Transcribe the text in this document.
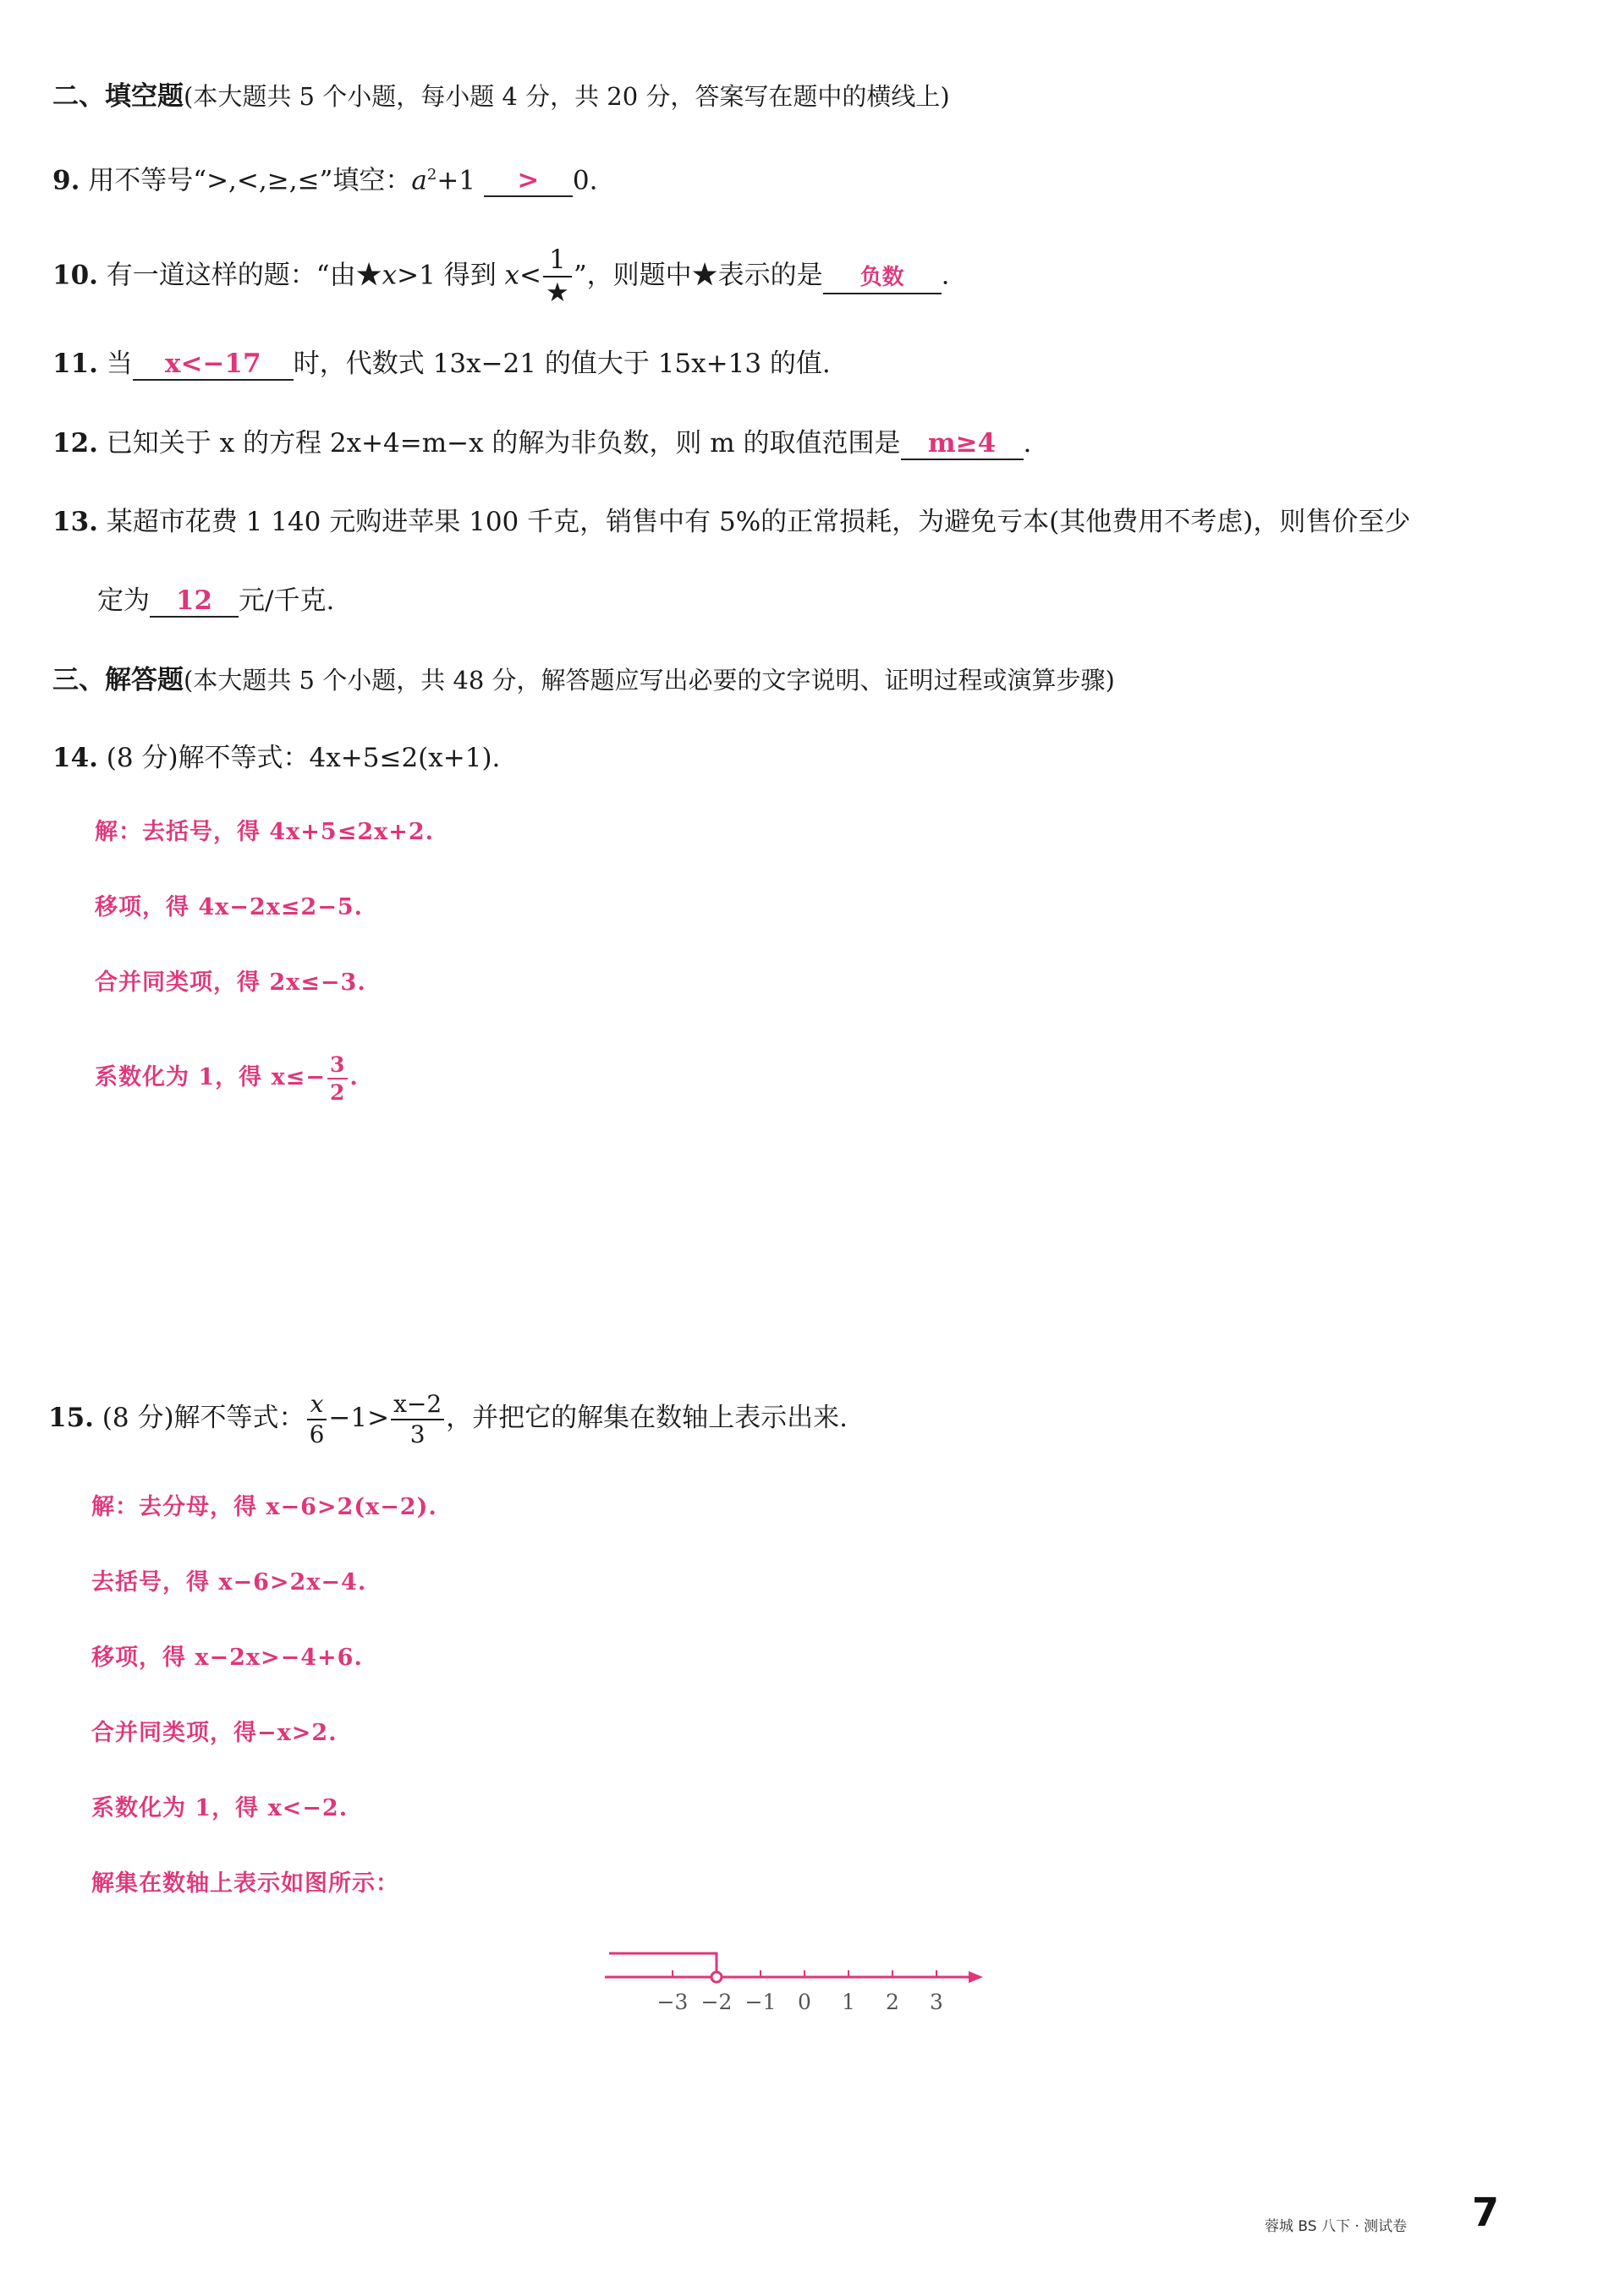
二、填空题(本大题共 5 个小题，每小题 4 分，共 20 分，答案写在题中的横线上)
9. 用不等号“>,<,≥,≤”填空：$a^2+1 > 0$.
10. 有一道这样的题：“由★x>1 得到 $x< \frac{1}{★}$ ”，则题中★表示的是 负数 .
11. 当 x<−17 时，代数式 13x−21 的值大于 15x+13 的值.
12. 已知关于 x 的方程 2x+4=m−x 的解为非负数，则 m 的取值范围是 m≥4 .
13. 某超市花费 1 140 元购进苹果 100 千克，销售中有 5%的正常损耗，为避免亏本(其他费用不考虑)，则售价至少
定为 12 元/千克.
三、解答题(本大题共 5 个小题，共 48 分，解答题应写出必要的文字说明、证明过程或演算步骤)
14. (8 分)解不等式：4x+5≤2(x+1).
解：去括号，得 4x+5≤2x+2.
移项，得 4x−2x≤2−5.
合并同类项，得 2x≤−3.
系数化为 1，得 $x\le- \frac{3}{2}$ .
15. (8 分)解不等式： $\frac{x}{6} -1> \frac{x-2}{3}$ ，并把它的解集在数轴上表示出来.
解：去分母，得 x−6>2(x−2).
去括号，得 x−6>2x−4.
移项，得 x−2x>−4+6.
合并同类项，得−x>2.
系数化为 1，得 x<−2.
解集在数轴上表示如图所示：
−3 −2 −1 0 1 2 3
蓉城 BS 八下 · 测试卷 7
